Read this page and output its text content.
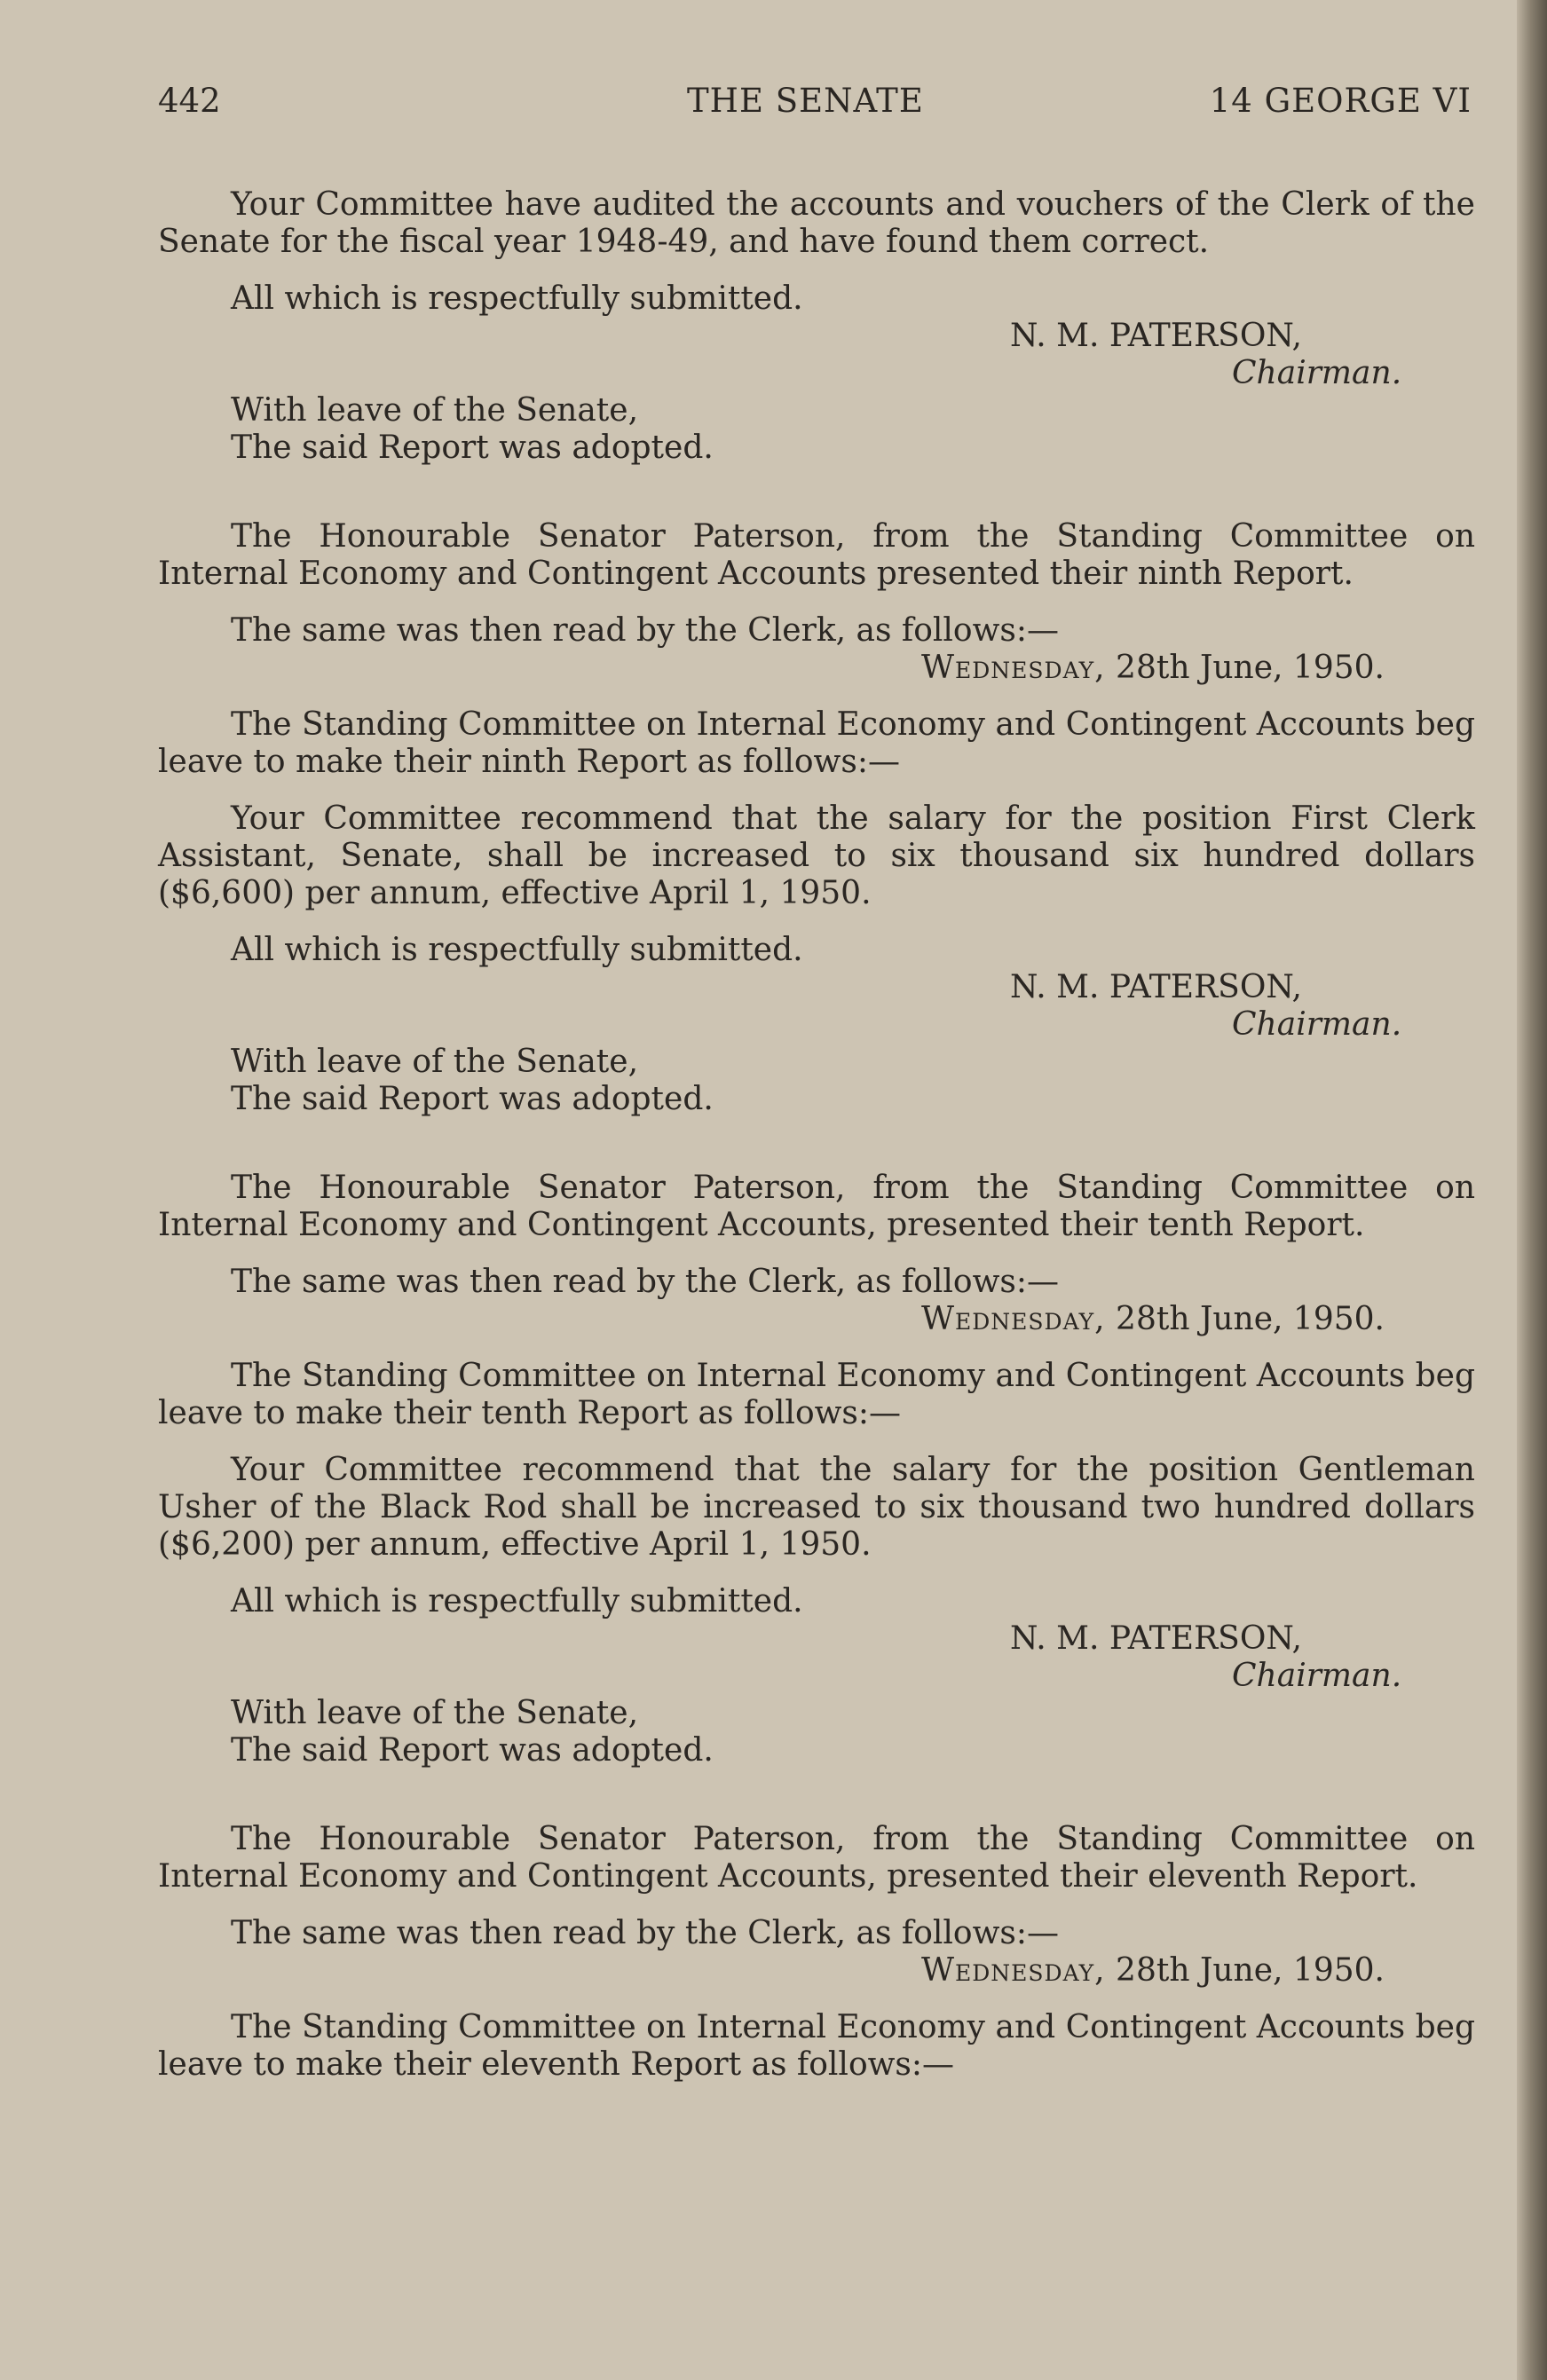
442	THE SENATE	14 GEORGE VI

Your Committee have audited the accounts and vouchers of the Clerk of the Senate for the fiscal year 1948-49, and have found them correct.

All which is respectfully submitted.

N. M. PATERSON,

Chairman.

With leave of the Senate,

The said Report was adopted.

The Honourable Senator Paterson, from the Standing Committee on Internal Economy and Contingent Accounts presented their ninth Report.

The same was then read by the Clerk, as follows:—

Wednesday, 28th June, 1950.

The Standing Committee on Internal Economy and Contingent Accounts beg leave to make their ninth Report as follows:—

Your Committee recommend that the salary for the position First Clerk Assistant, Senate, shall be increased to six thousand six hundred dollars ($6,600) per annum, effective April 1, 1950.

All which is respectfully submitted.

N. M. PATERSON,

Chairman.

With leave of the Senate,

The said Report was adopted.

The Honourable Senator Paterson, from the Standing Committee on Internal Economy and Contingent Accounts, presented their tenth Report.

The same was then read by the Clerk, as follows:—

Wednesday, 28th June, 1950.

The Standing Committee on Internal Economy and Contingent Accounts beg leave to make their tenth Report as follows:—

Your Committee recommend that the salary for the position Gentleman Usher of the Black Rod shall be increased to six thousand two hundred dollars ($6,200) per annum, effective April 1, 1950.

All which is respectfully submitted.

N. M. PATERSON,

Chairman.

With leave of the Senate,

The said Report was adopted.

The Honourable Senator Paterson, from the Standing Committee on Internal Economy and Contingent Accounts, presented their eleventh Report.

The same was then read by the Clerk, as follows:—

Wednesday, 28th June, 1950.

The Standing Committee on Internal Economy and Contingent Accounts beg leave to make their eleventh Report as follows:—
